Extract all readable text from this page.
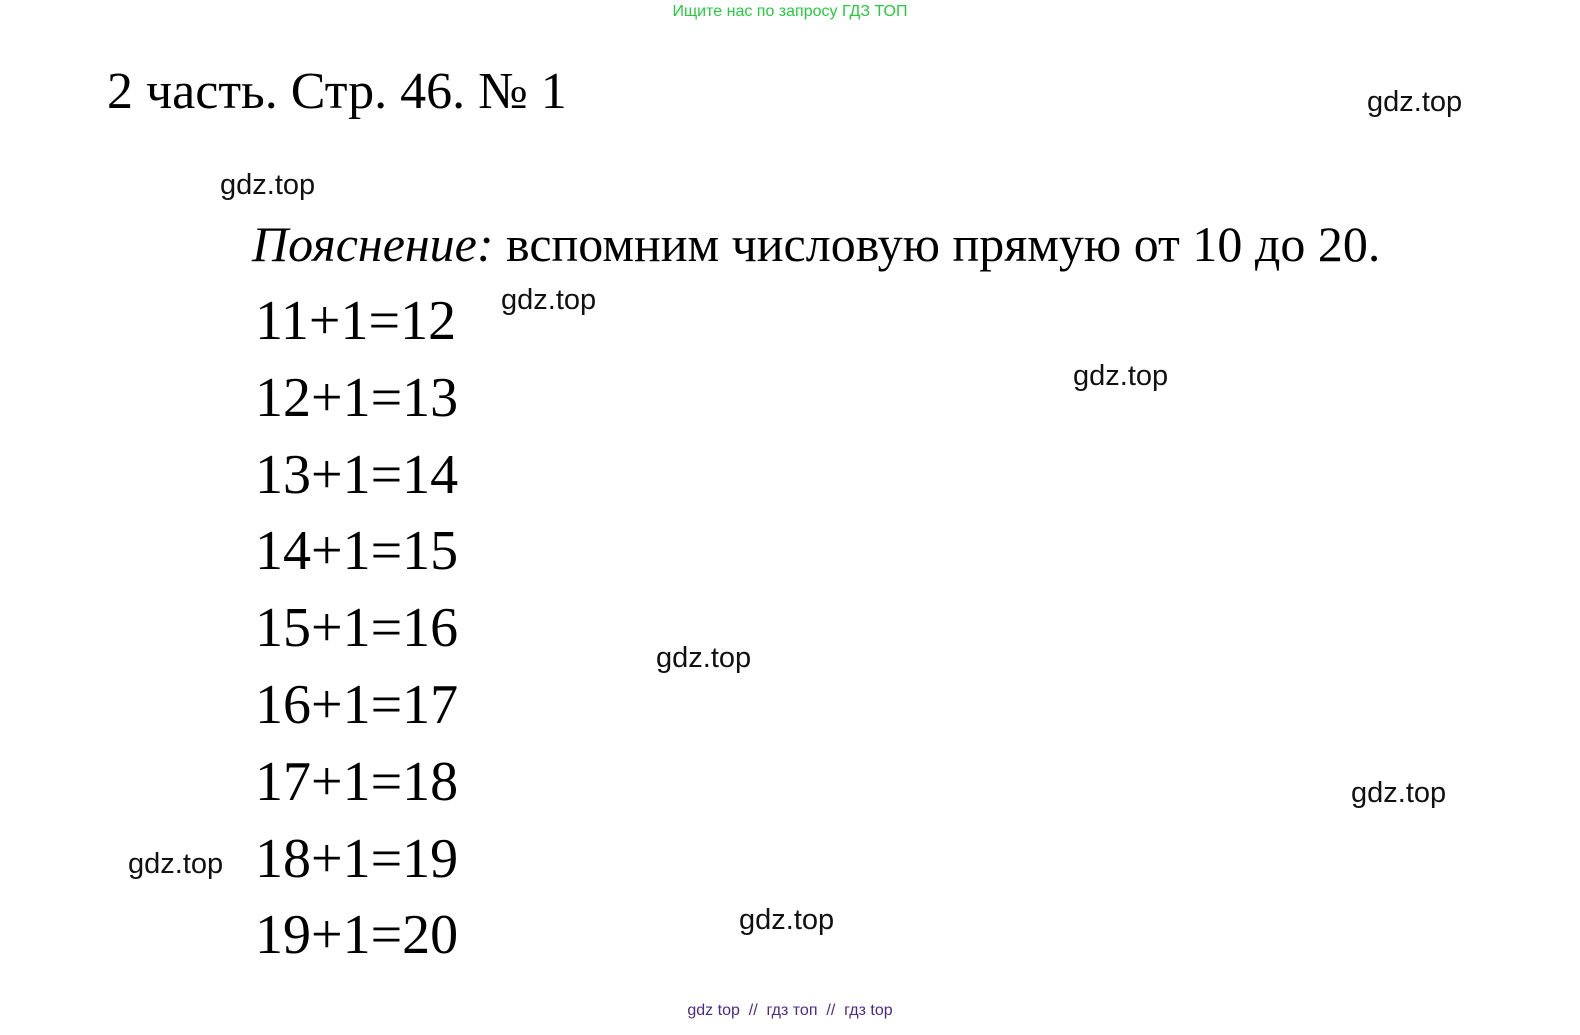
Ищите нас по запросу ГДЗ ТОП
2 часть. Стр. 46. № 1
Пояснение: вспомним числовую прямую от 10 до 20.
11+1=12
12+1=13
13+1=14
14+1=15
15+1=16
16+1=17
17+1=18
18+1=19
19+1=20
gdz.top
gdz.top
gdz.top
gdz.top
gdz.top
gdz.top
gdz.top
gdz.top
gdz top  //  гдз топ  //  гдз top
